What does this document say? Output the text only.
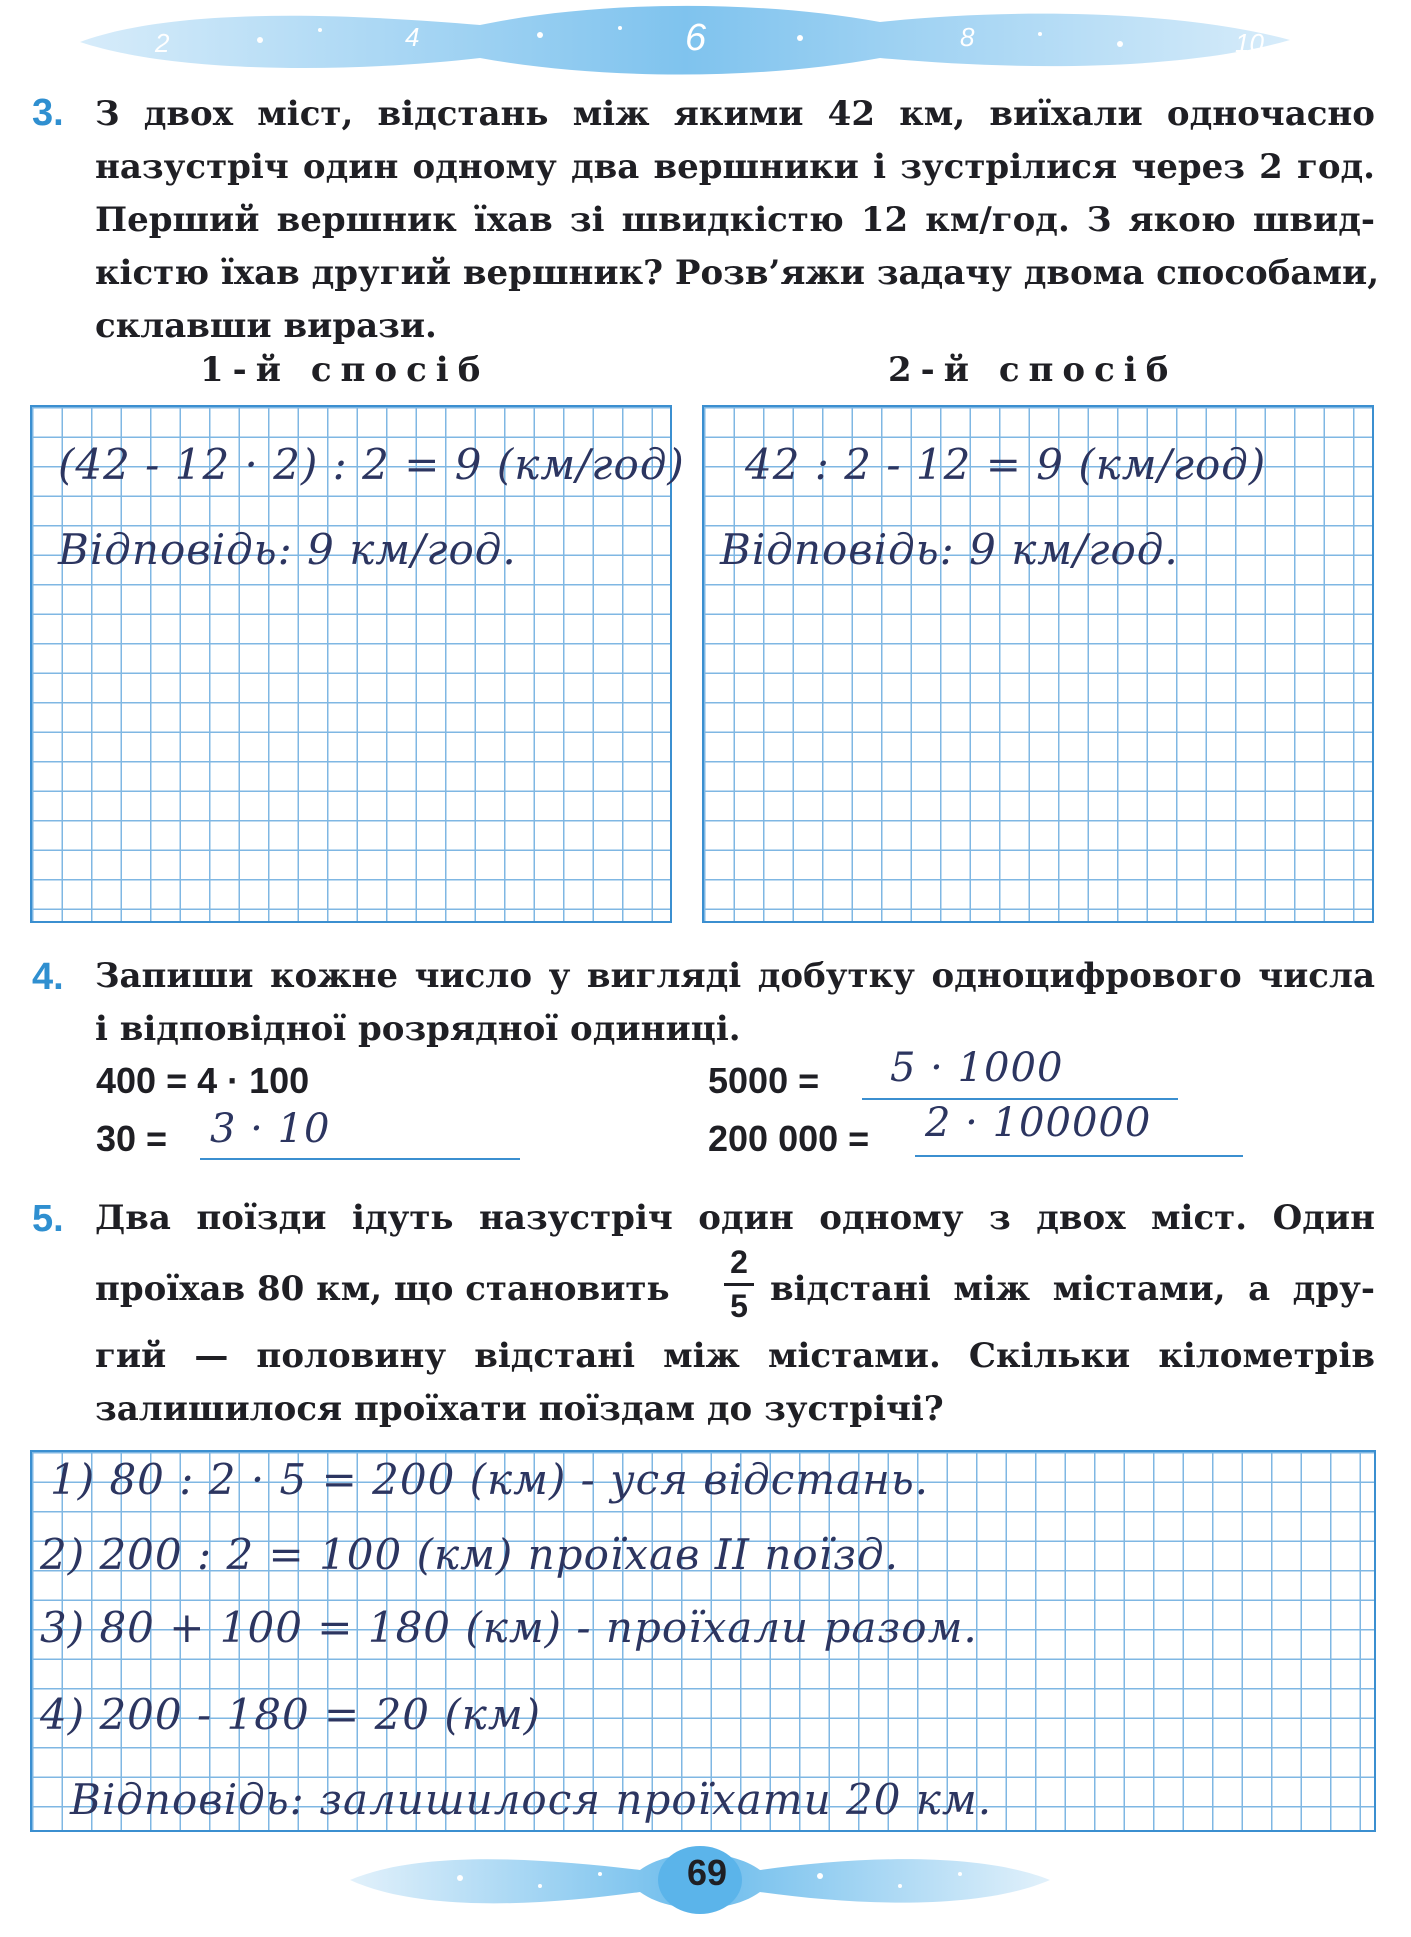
2	4	6	8	10
3. З двох міст, відстань між якими 42 км, виїхали одночасно
назустріч один одному два вершники і зустрілися через 2 год.
Перший вершник їхав зі швидкістю 12 км/год. З якою швид-
кістю їхав другий вершник? Розв’яжи задачу двома способами,
склавши вирази.
1-й спосіб	2-й спосіб
(42 - 12 · 2) : 2 = 9 (км/год)
Відповідь: 9 км/год.
42 : 2 - 12 = 9 (км/год)
Відповідь: 9 км/год.
4. Запиши кожне число у вигляді добутку одноцифрового числа
і відповідної розрядної одиниці.
400 = 4 · 100
30 = 3 · 10
5000 = 5 · 1000
200 000 = 2 · 100000
5. Два поїзди ідуть назустріч один одному з двох міст. Один
проїхав 80 км, що становить
2
5 відстані між містами, а дру-
гий — половину відстані між містами. Скільки кілометрів
залишилося проїхати поїздам до зустрічі?
1) 80 : 2 · 5 = 200 (км) - уся відстань.
2) 200 : 2 = 100 (км) проїхав II поїзд.
3) 80 + 100 = 180 (км) - проїхали разом.
4) 200 - 180 = 20 (км)
Відповідь: залишилося проїхати 20 км.
69
